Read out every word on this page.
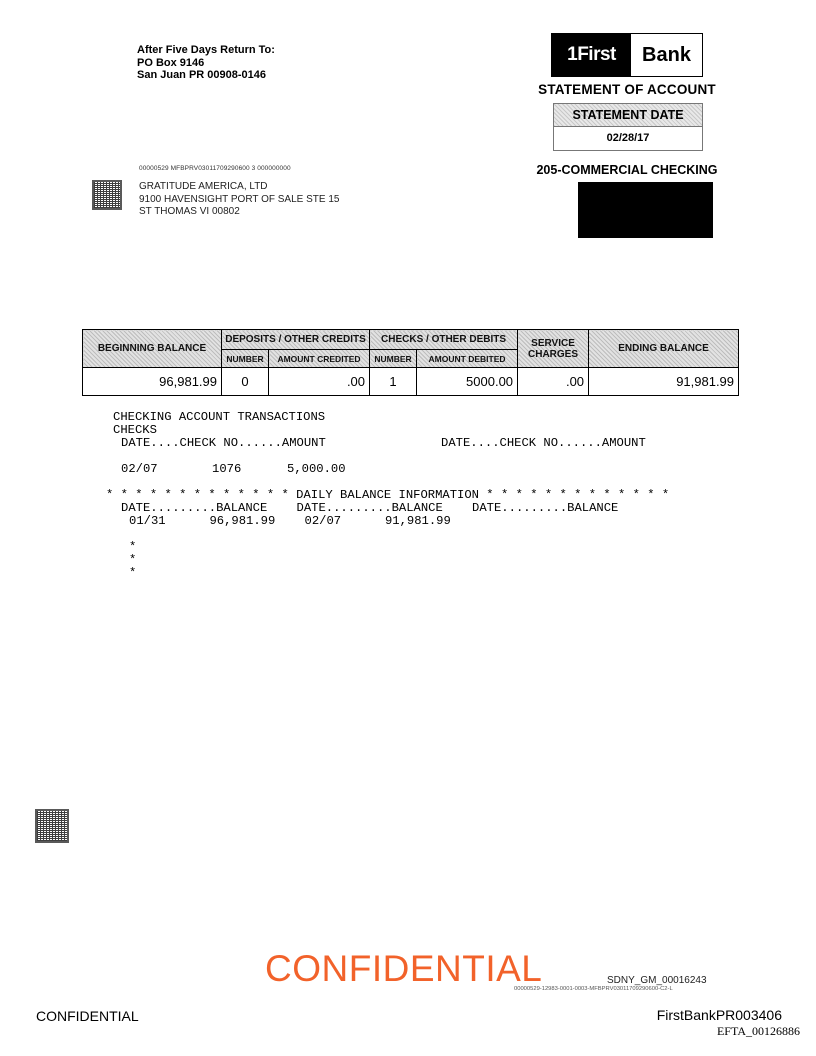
After Five Days Return To:
PO Box 9146
San Juan PR 00908-0146
1First	Bank
STATEMENT OF ACCOUNT
STATEMENT DATE
02/28/17
205-COMMERCIAL CHECKING
00000529 MFBPRV03011709290600 3 000000000
GRATITUDE AMERICA, LTD
9100 HAVENSIGHT PORT OF SALE STE 15
ST THOMAS VI 00802
BEGINNING BALANCE	DEPOSITS / OTHER CREDITS		CHECKS / OTHER DEBITS		SERVICE CHARGES	ENDING BALANCE
	NUMBER	AMOUNT CREDITED	NUMBER	AMOUNT DEBITED		
96,981.99	0	.00	1	5000.00	.00	91,981.99
CHECKING ACCOUNT TRANSACTIONS
CHECKS
DATE....CHECK NO......AMOUNT	DATE....CHECK NO......AMOUNT
02/07	1076	5,000.00
* * * * * * * * * * * * * DAILY BALANCE INFORMATION * * * * * * * * * * * * *
DATE.........BALANCE    DATE.........BALANCE    DATE.........BALANCE
01/31      96,981.99    02/07      91,981.99
*
*
*
CONFIDENTIAL	SDNY_GM_00016243
00000529-12983-0001-0003-MFBPRV03011709290600-C2-L
CONFIDENTIAL	FirstBankPR003406
EFTA_00126886
